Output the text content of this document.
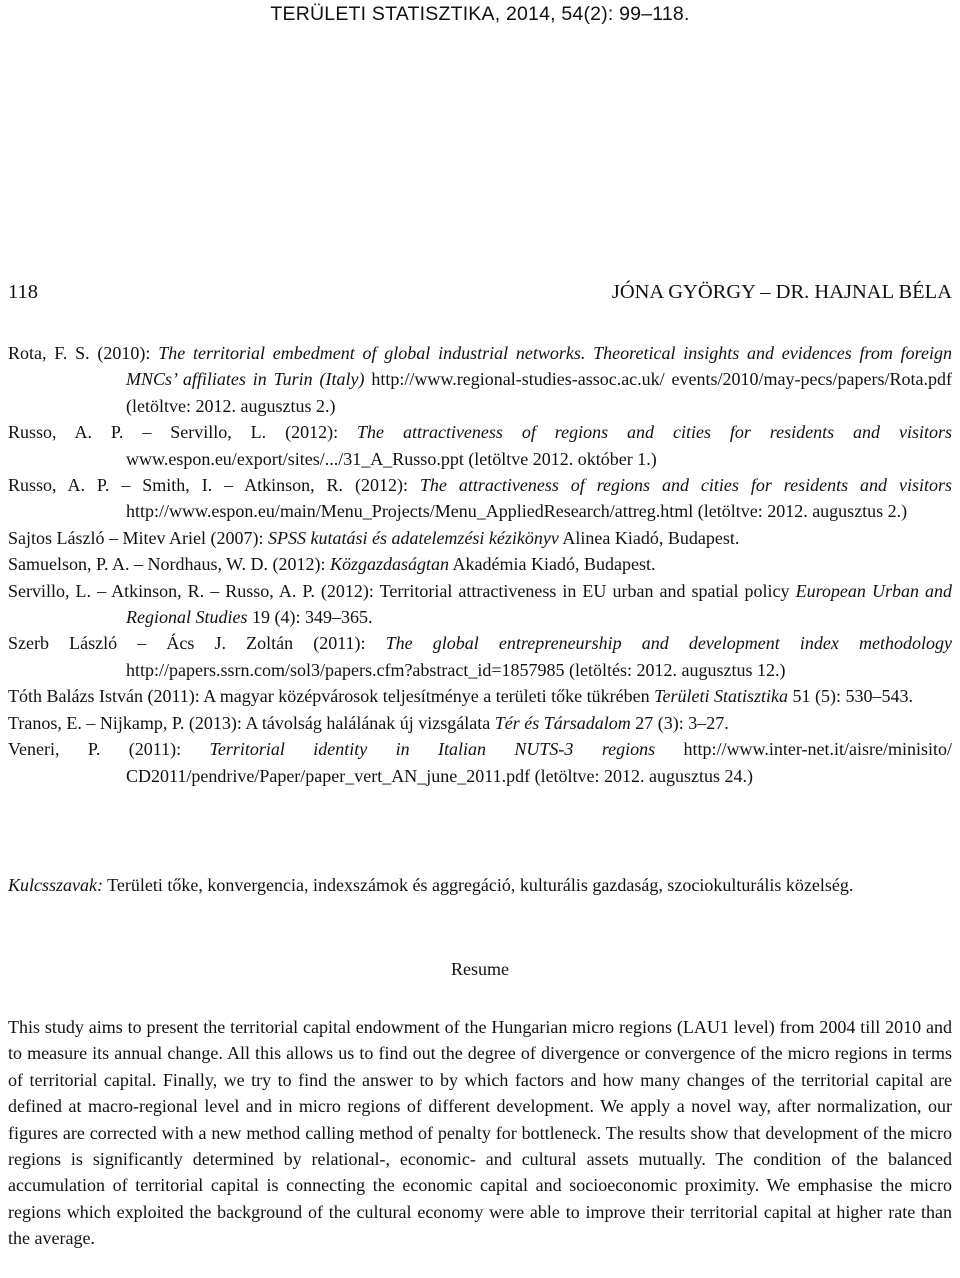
TERÜLETI STATISZTIKA, 2014, 54(2): 99–118.
118	JÓNA GYÖRGY – DR. HAJNAL BÉLA

Rota, F. S. (2010): The territorial embedment of global industrial networks. Theoretical insights and evidences from foreign MNCs’ affiliates in Turin (Italy) http://www.regional-studies-assoc.ac.uk/ events/2010/may-pecs/papers/Rota.pdf (letöltve: 2012. augusztus 2.)

Russo, A. P. – Servillo, L. (2012): The attractiveness of regions and cities for residents and visitors www.espon.eu/export/sites/.../31_A_Russo.ppt (letöltve 2012. október 1.)

Russo, A. P. – Smith, I. – Atkinson, R. (2012): The attractiveness of regions and cities for residents and visitors http://www.espon.eu/main/Menu_Projects/Menu_AppliedResearch/attreg.html (letöltve: 2012. augusztus 2.)

Sajtos László – Mitev Ariel (2007): SPSS kutatási és adatelemzési kézikönyv Alinea Kiadó, Budapest.

Samuelson, P. A. – Nordhaus, W. D. (2012): Közgazdaságtan Akadémia Kiadó, Budapest.

Servillo, L. – Atkinson, R. – Russo, A. P. (2012): Territorial attractiveness in EU urban and spatial policy European Urban and Regional Studies 19 (4): 349–365.

Szerb László – Ács J. Zoltán (2011): The global entrepreneurship and development index methodology http://papers.ssrn.com/sol3/papers.cfm?abstract_id=1857985 (letöltés: 2012. augusztus 12.)

Tóth Balázs István (2011): A magyar középvárosok teljesítménye a területi tőke tükrében Területi Statisztika 51 (5): 530–543.

Tranos, E. – Nijkamp, P. (2013): A távolság halálának új vizsgálata Tér és Társadalom 27 (3): 3–27.

Veneri, P. (2011): Territorial identity in Italian NUTS-3 regions http://www.inter-net.it/aisre/minisito/ CD2011/pendrive/Paper/paper_vert_AN_june_2011.pdf (letöltve: 2012. augusztus 24.)

Kulcsszavak: Területi tőke, konvergencia, indexszámok és aggregáció, kulturális gazdaság, szociokulturális közelség.

Resume

This study aims to present the territorial capital endowment of the Hungarian micro regions (LAU1 level) from 2004 till 2010 and to measure its annual change. All this allows us to find out the degree of divergence or convergence of the micro regions in terms of territorial capital. Finally, we try to find the answer to by which factors and how many changes of the territorial capital are defined at macro-regional level and in micro regions of different development. We apply a novel way, after normalization, our figures are corrected with a new method calling method of penalty for bottleneck. The results show that development of the micro regions is significantly determined by relational-, economic- and cultural assets mutually. The condition of the balanced accumulation of territorial capital is connecting the economic capital and socioeconomic proximity. We emphasise the micro regions which exploited the background of the cultural economy were able to improve their territorial capital at higher rate than the average.
